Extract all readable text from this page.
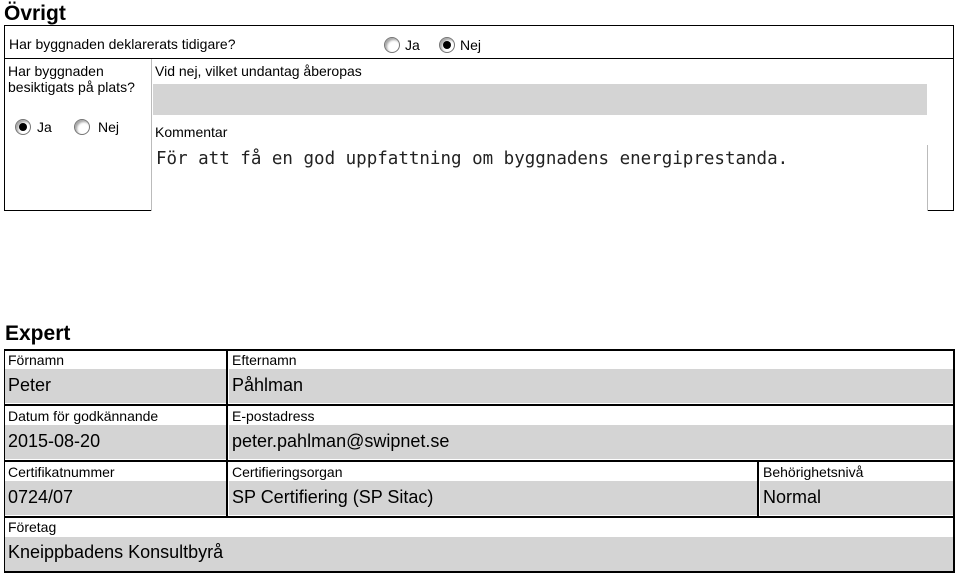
Övrigt
Har byggnaden deklarerats tidigare?	Ja	Nej
Har byggnaden
besiktigats på plats?
Ja	Nej
Vid nej, vilket undantag åberopas
Kommentar
För att få en god uppfattning om byggnadens energiprestanda.
Expert
Förnamn	Efternamn
Peter	Påhlman
Datum för godkännande	E-postadress
2015-08-20	peter.pahlman@swipnet.se
Certifikatnummer	Certifieringsorgan	Behörighetsnivå
0724/07	SP Certifiering (SP Sitac)	Normal
Företag
Kneippbadens Konsultbyrå
